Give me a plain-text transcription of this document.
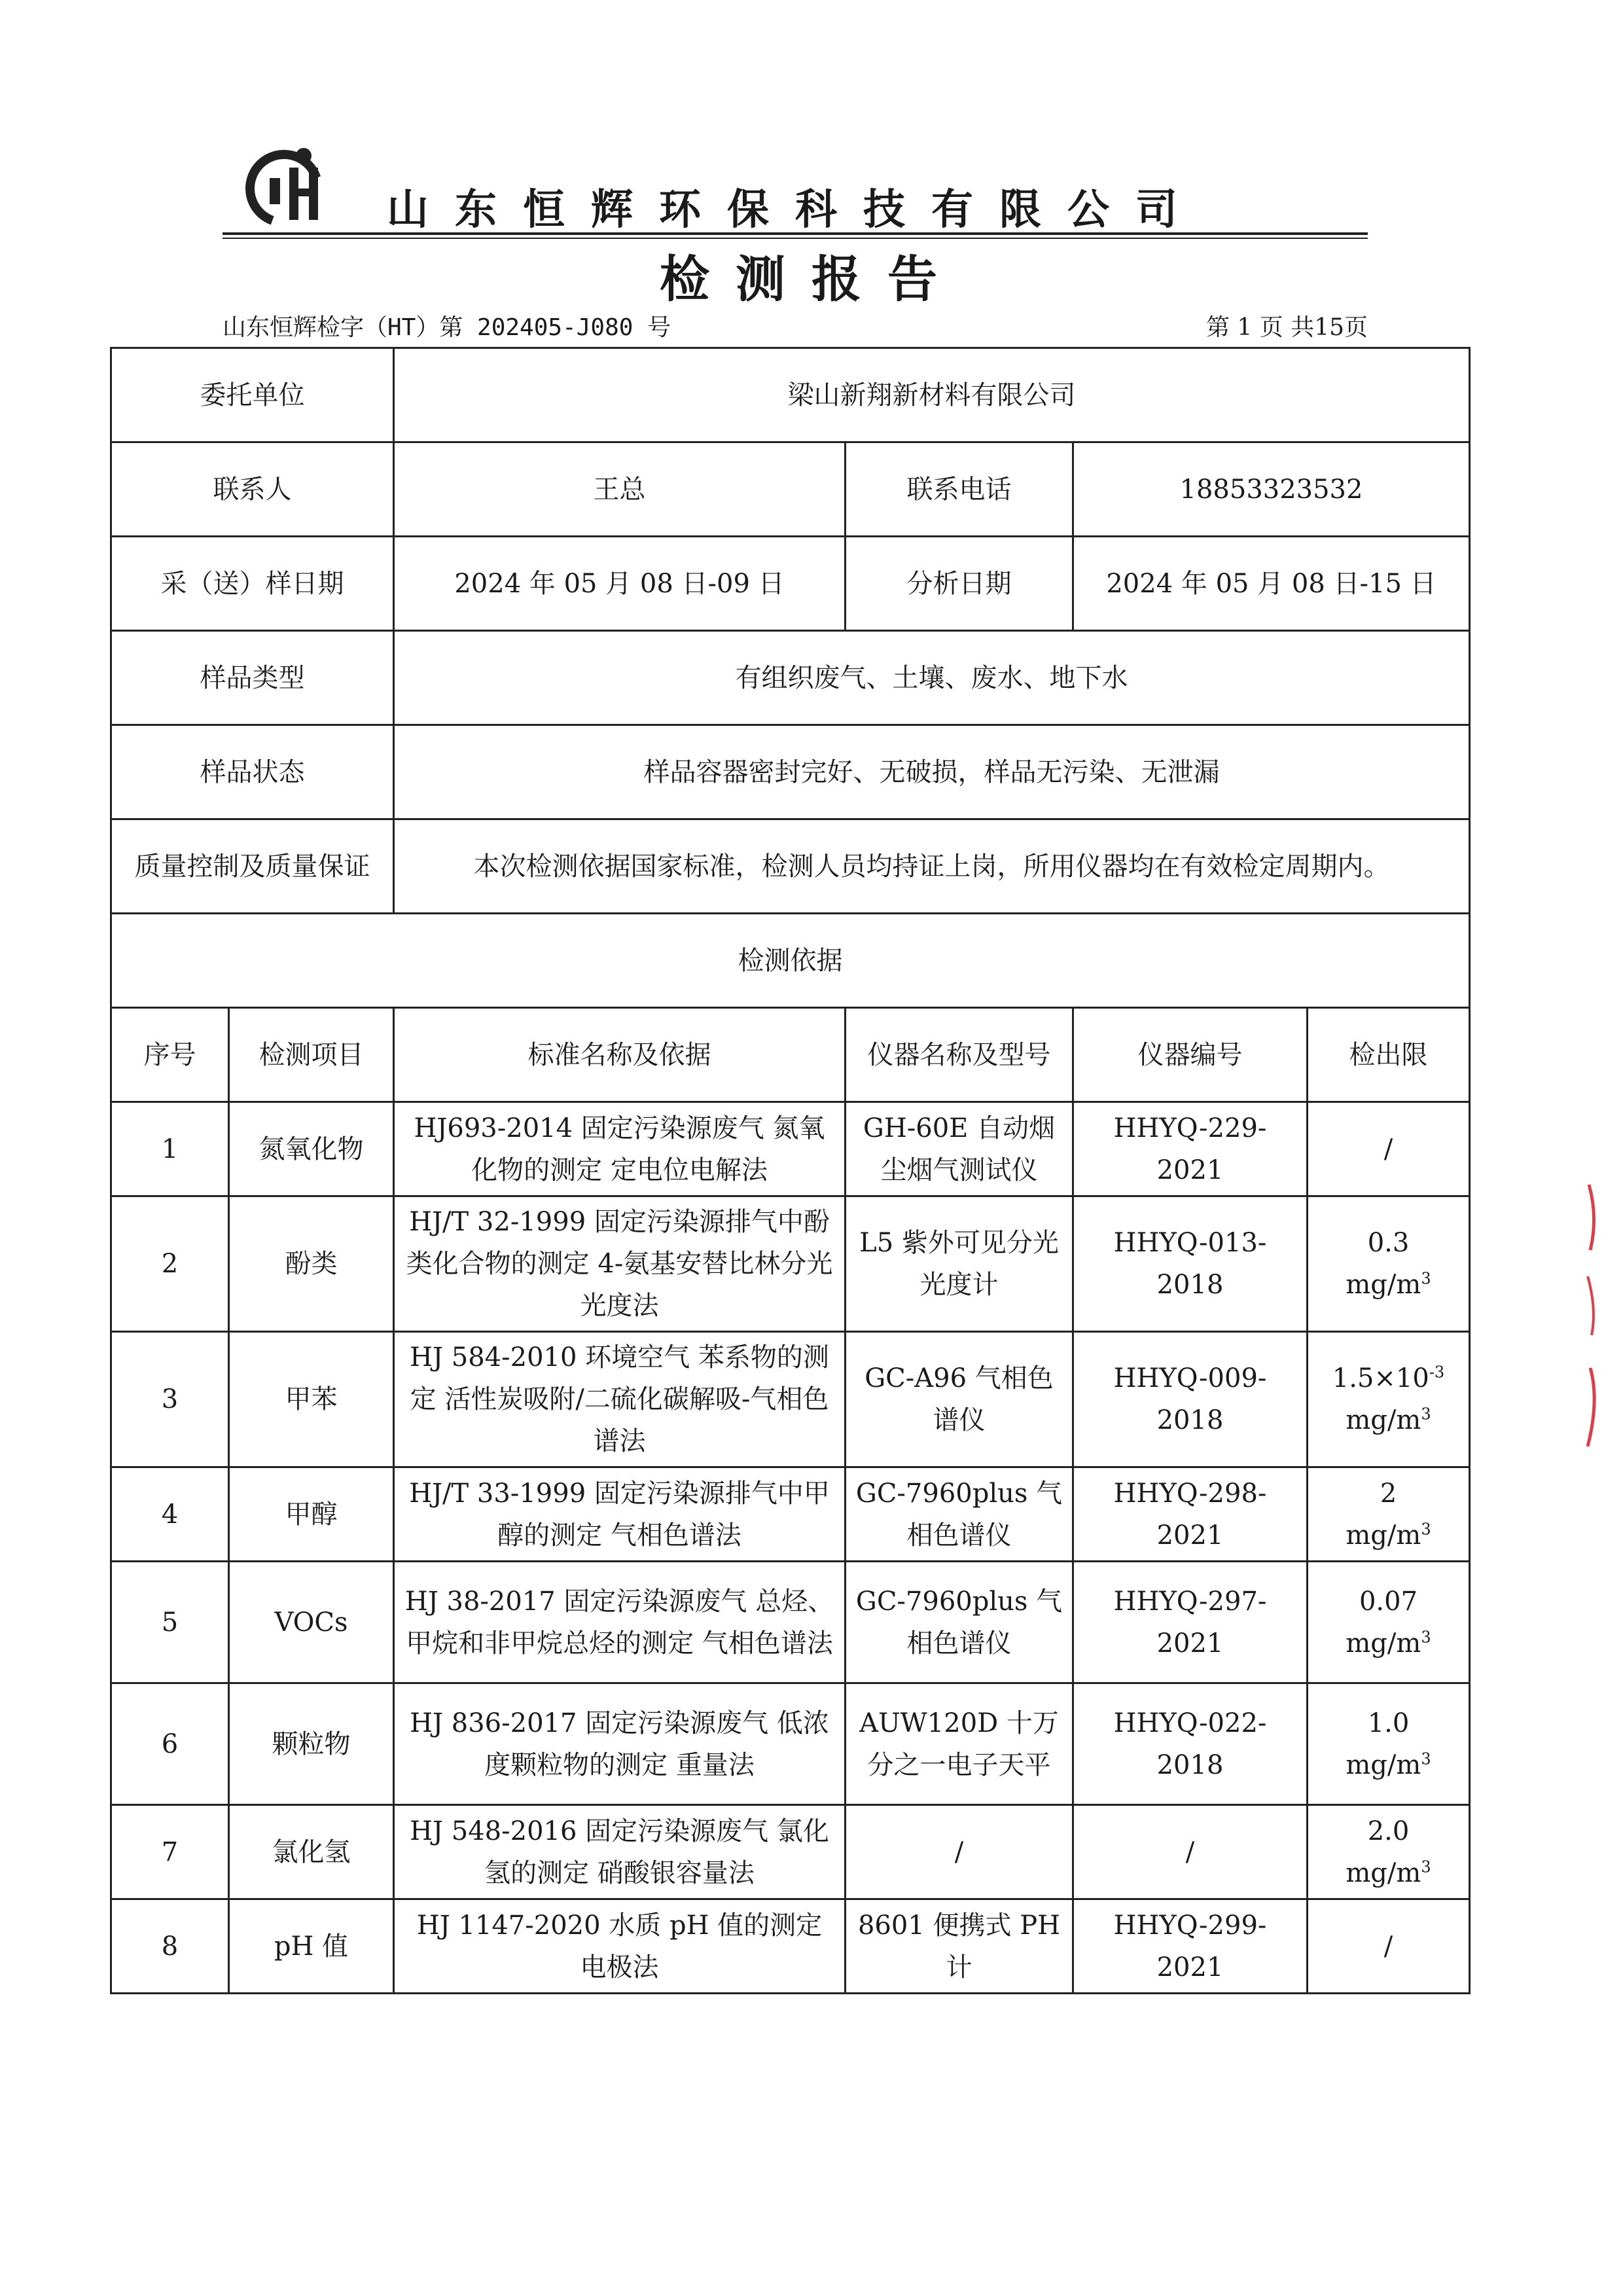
山东恒辉环保科技有限公司
检测报告
山东恒辉检字（HT）第 202405-J080 号	第 1 页 共15页
委托单位		梁山新翔新材料有限公司			
联系人		王总	联系电话	18853323532	
采（送）样日期		2024 年 05 月 08 日-09 日	分析日期	2024 年 05 月 08 日-15 日	
样品类型		有组织废气、土壤、废水、地下水			
样品状态		样品容器密封完好、无破损，样品无污染、无泄漏			
质量控制及质量保证		本次检测依据国家标准，检测人员均持证上岗，所用仪器均在有效检定周期内。			
检测依据					
序号	检测项目	标准名称及依据	仪器名称及型号	仪器编号	检出限
1	氮氧化物	HJ693-2014 固定污染源废气 氮氧化物的测定 定电位电解法	GH-60E 自动烟尘烟气测试仪	HHYQ-229-2021	/
2	酚类	HJ/T 32-1999 固定污染源排气中酚类化合物的测定 4-氨基安替比林分光光度法	L5 紫外可见分光光度计	HHYQ-013-2018	0.3
$mg/m^3$
3	甲苯	HJ 584-2010 环境空气 苯系物的测定 活性炭吸附/二硫化碳解吸-气相色谱法	GC-A96 气相色谱仪	HHYQ-009-2018	$1.5\times 10^{-3}$
$mg/m^3$
4	甲醇	HJ/T 33-1999 固定污染源排气中甲醇的测定 气相色谱法	GC-7960plus 气相色谱仪	HHYQ-298-2021	2
$mg/m^3$
5	VOCs	HJ 38-2017 固定污染源废气 总烃、甲烷和非甲烷总烃的测定 气相色谱法	GC-7960plus 气相色谱仪	HHYQ-297-2021	0.07
$mg/m^3$
6	颗粒物	HJ 836-2017 固定污染源废气 低浓度颗粒物的测定 重量法	AUW120D 十万分之一电子天平	HHYQ-022-2018	1.0
$mg/m^3$
7	氯化氢	HJ 548-2016 固定污染源废气 氯化氢的测定 硝酸银容量法	/	/	2.0
$mg/m^3$
8	pH 值	HJ 1147-2020 水质 pH 值的测定 电极法	8601 便携式 PH 计	HHYQ-299-2021	/
